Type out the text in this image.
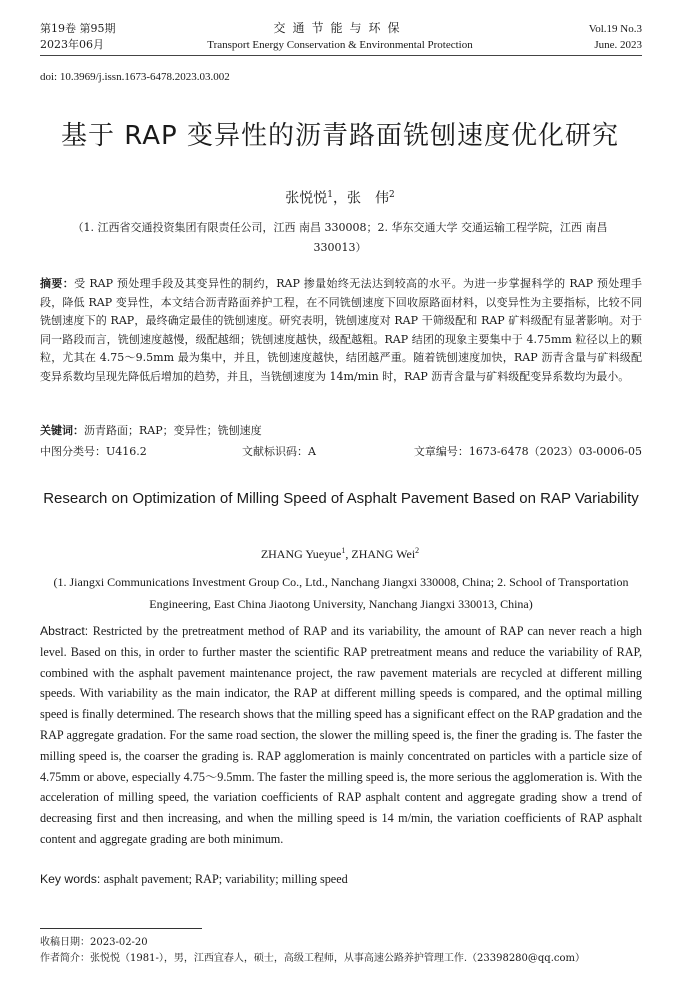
第19卷 第95期
2023年06月
交通节能与环保
Transport Energy Conservation & Environmental Protection
Vol.19 No.3
June. 2023
doi: 10.3969/j.issn.1673-6478.2023.03.002
基于 RAP 变异性的沥青路面铣刨速度优化研究
张悦悦$^1$，张　伟$^2$
（1. 江西省交通投资集团有限责任公司，江西 南昌 330008；2. 华东交通大学 交通运输工程学院，江西 南昌 330013）
摘要：受 RAP 预处理手段及其变异性的制约，RAP 掺量始终无法达到较高的水平。为进一步掌握科学的 RAP 预处理手段，降低 RAP 变异性，本文结合沥青路面养护工程，在不同铣刨速度下回收原路面材料，以变异性为主要指标，比较不同铣刨速度下的 RAP，最终确定最佳的铣刨速度。研究表明，铣刨速度对 RAP 干筛级配和 RAP 矿料级配有显著影响。对于同一路段而言，铣刨速度越慢，级配越细；铣刨速度越快，级配越粗。RAP 结团的现象主要集中于 4.75mm 粒径以上的颗粒，尤其在 4.75～9.5mm 最为集中，并且，铣刨速度越快，结团越严重。随着铣刨速度加快，RAP 沥青含量与矿料级配变异系数均呈现先降低后增加的趋势，并且，当铣刨速度为 14m/min 时，RAP 沥青含量与矿料级配变异系数均为最小。
关键词：沥青路面；RAP；变异性；铣刨速度
中图分类号：U416.2	文献标识码：A	文章编号：1673-6478（2023）03-0006-05
Research on Optimization of Milling Speed of Asphalt Pavement Based on RAP Variability
ZHANG Yueyue$^1$, ZHANG Wei$^2$
(1. Jiangxi Communications Investment Group Co., Ltd., Nanchang Jiangxi 330008, China; 2. School of Transportation Engineering, East China Jiaotong University, Nanchang Jiangxi 330013, China)
Abstract: Restricted by the pretreatment method of RAP and its variability, the amount of RAP can never reach a high level. Based on this, in order to further master the scientific RAP pretreatment means and reduce the variability of RAP, combined with the asphalt pavement maintenance project, the raw pavement materials are recycled at different milling speeds. With variability as the main indicator, the RAP at different milling speeds is compared, and the optimal milling speed is finally determined. The research shows that the milling speed has a significant effect on the RAP gradation and the RAP aggregate gradation. For the same road section, the slower the milling speed is, the finer the grading is. The faster the milling speed is, the coarser the grading is. RAP agglomeration is mainly concentrated on particles with a particle size of 4.75mm or above, especially 4.75～9.5mm. The faster the milling speed is, the more serious the agglomeration is. With the acceleration of milling speed, the variation coefficients of RAP asphalt content and aggregate grading show a trend of decreasing first and then increasing, and when the milling speed is 14 m/min, the variation coefficients of RAP asphalt content and aggregate grading are both minimum.
Key words: asphalt pavement; RAP; variability; milling speed
收稿日期：2023-02-20
作者简介：张悦悦（1981-），男，江西宜春人，硕士，高级工程师，从事高速公路养护管理工作.（23398280@qq.com）
